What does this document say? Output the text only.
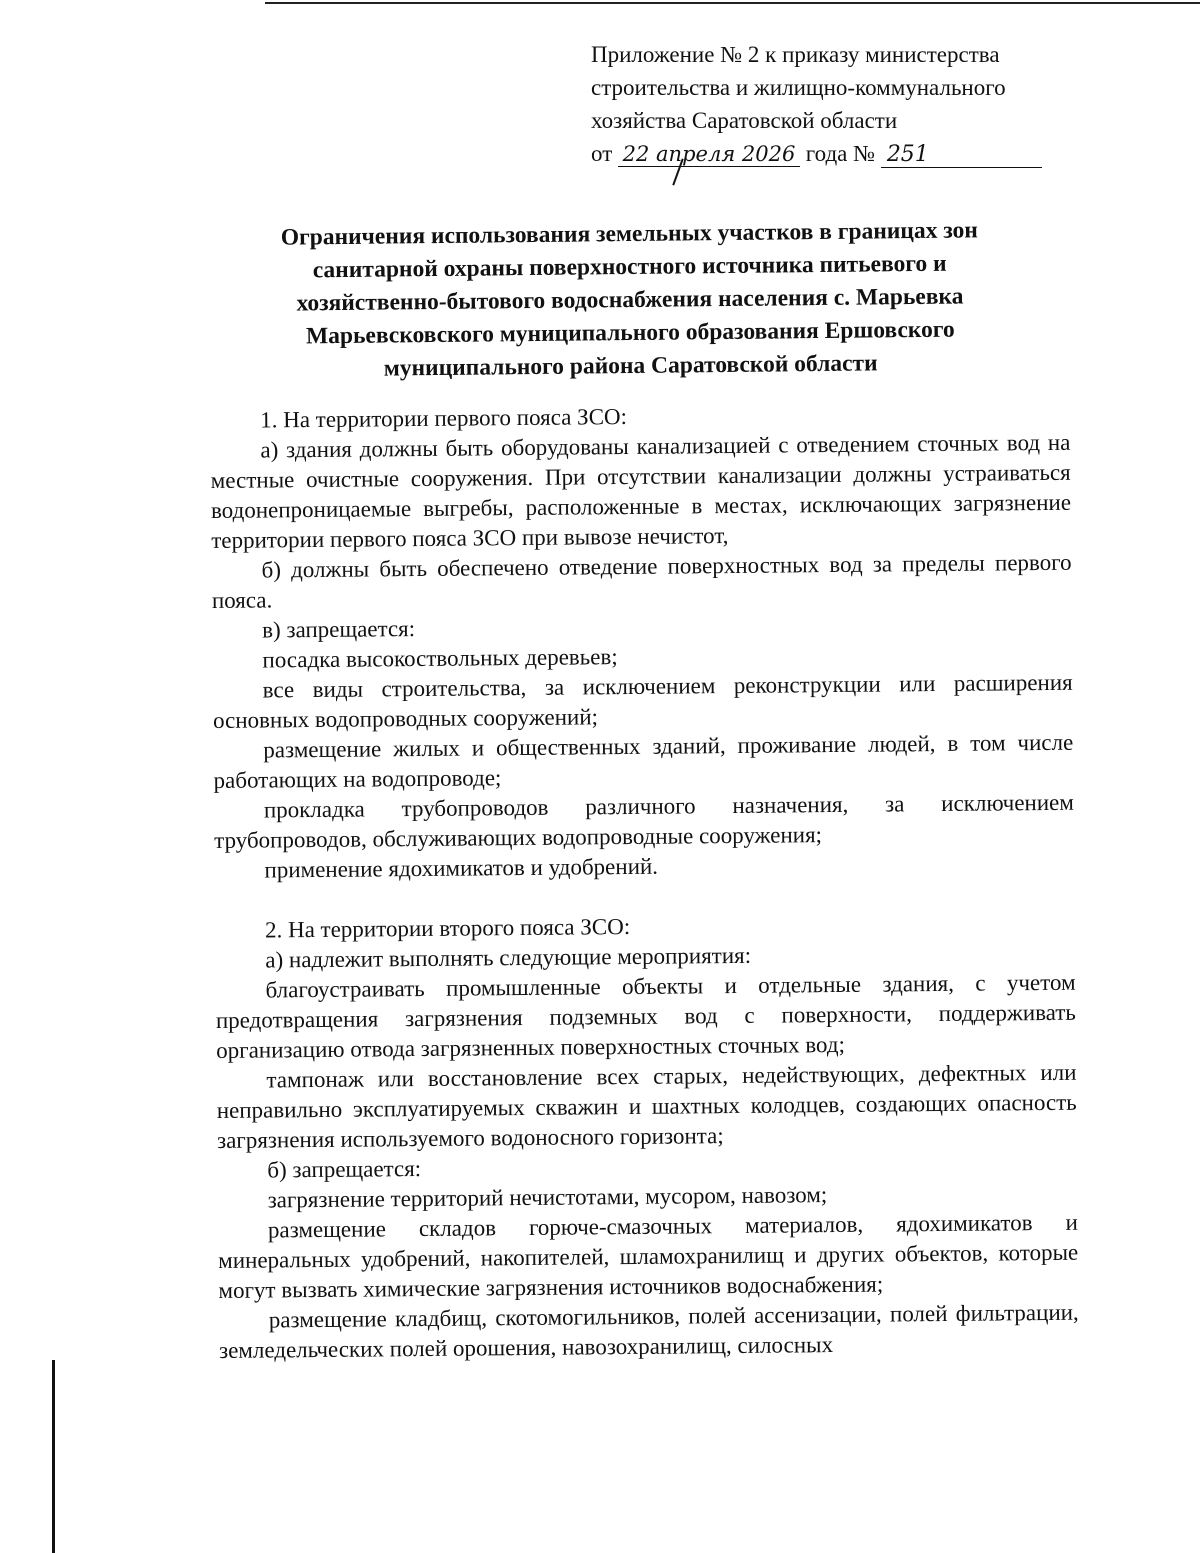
Приложение № 2 к приказу министерства
строительства и жилищно-коммунального
хозяйства Саратовской области
от 22 апреля 2026 года № 251
Ограничения использования земельных участков в границах зон
санитарной охраны поверхностного источника питьевого и
хозяйственно-бытового водоснабжения населения с. Марьевка
Марьевсковского муниципального образования Ершовского
муниципального района Саратовской области

1. На территории первого пояса ЗСО:

а) здания должны быть оборудованы канализацией с отведением сточных вод на местные очистные сооружения. При отсутствии канализации должны устраиваться водонепроницаемые выгребы, расположенные в местах, исключающих загрязнение территории первого пояса ЗСО при вывозе нечистот,

б) должны быть обеспечено отведение поверхностных вод за пределы первого пояса.

в) запрещается:

посадка высокоствольных деревьев;

все виды строительства, за исключением реконструкции или расширения основных водопроводных сооружений;

размещение жилых и общественных зданий, проживание людей, в том числе работающих на водопроводе;

прокладка трубопроводов различного назначения, за исключением трубопроводов, обслуживающих водопроводные сооружения;

применение ядохимикатов и удобрений.

2. На территории второго пояса ЗСО:

а) надлежит выполнять следующие мероприятия:

благоустраивать промышленные объекты и отдельные здания, с учетом предотвращения загрязнения подземных вод с поверхности, поддерживать организацию отвода загрязненных поверхностных сточных вод;

тампонаж или восстановление всех старых, недействующих, дефектных или неправильно эксплуатируемых скважин и шахтных колодцев, создающих опасность загрязнения используемого водоносного горизонта;

б) запрещается:

загрязнение территорий нечистотами, мусором, навозом;

размещение складов горюче-смазочных материалов, ядохимикатов и минеральных удобрений, накопителей, шламохранилищ и других объектов, которые могут вызвать химические загрязнения источников водоснабжения;

размещение кладбищ, скотомогильников, полей ассенизации, полей фильтрации, земледельческих полей орошения, навозохранилищ, силосных
